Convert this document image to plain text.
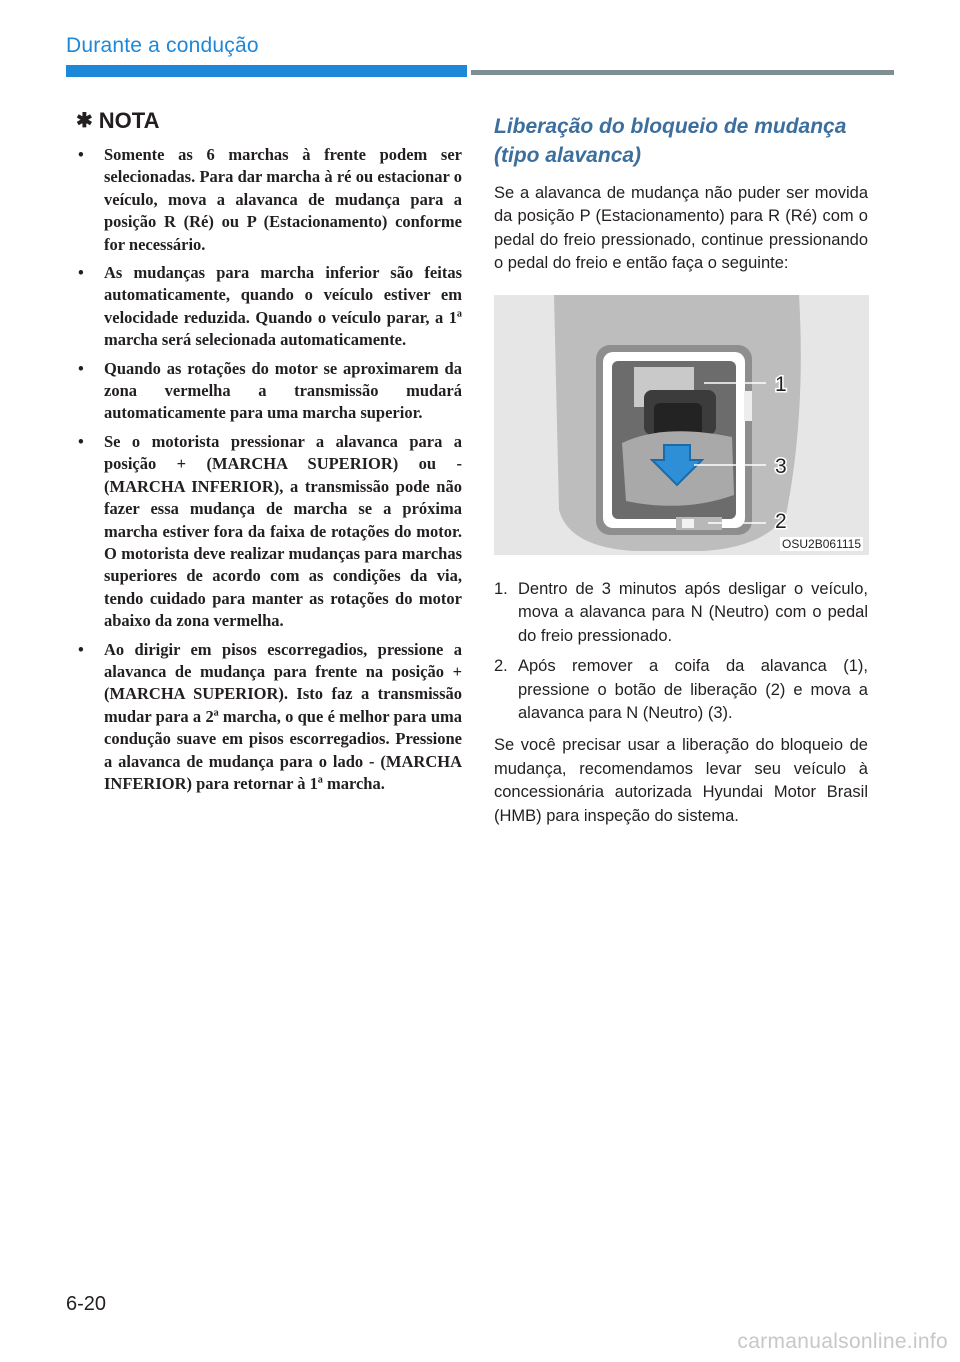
Durante a condução
✱ NOTA
• Somente as 6 marchas à frente podem ser selecionadas. Para dar marcha à ré ou estacionar o veículo, mova a alavanca de mudança para a posição R (Ré) ou P (Estacionamento) conforme for necessário.
• As mudanças para marcha inferior são feitas automaticamente, quando o veículo estiver em velocidade reduzida. Quando o veículo parar, a 1ª marcha será selecionada automaticamente.
• Quando as rotações do motor se aproximarem da zona vermelha a transmissão mudará automaticamente para uma marcha superior.
• Se o motorista pressionar a alavanca para a posição + (MARCHA SUPERIOR) ou - (MARCHA INFERIOR), a transmissão pode não fazer essa mudança de marcha se a próxima marcha estiver fora da faixa de rotações do motor. O motorista deve realizar mudanças para marchas superiores de acordo com as condições da via, tendo cuidado para manter as rotações do motor abaixo da zona vermelha.
• Ao dirigir em pisos escorregadios, pressione a alavanca de mudança para frente na posição + (MARCHA SUPERIOR). Isto faz a transmissão mudar para a 2ª marcha, o que é melhor para uma condução suave em pisos escorregadios. Pressione a alavanca de mudança para o lado - (MARCHA INFERIOR) para retornar à 1ª marcha.
Liberação do bloqueio de mudança (tipo alavanca)

Se a alavanca de mudança não puder ser movida da posição P (Estacionamento) para R (Ré) com o pedal do freio pressionado, continue pressionando o pedal do freio e então faça o seguinte:

1
3
2
OSU2B061115
1. Dentro de 3 minutos após desligar o veículo, mova a alavanca para N (Neutro) com o pedal do freio pressionado.
2. Após remover a coifa da alavanca (1), pressione o botão de liberação (2) e mova a alavanca para N (Neutro) (3).

Se você precisar usar a liberação do bloqueio de mudança, recomendamos levar seu veículo à concessionária autorizada Hyundai Motor Brasil (HMB) para inspeção do sistema.

6-20
carmanualsonline.info
